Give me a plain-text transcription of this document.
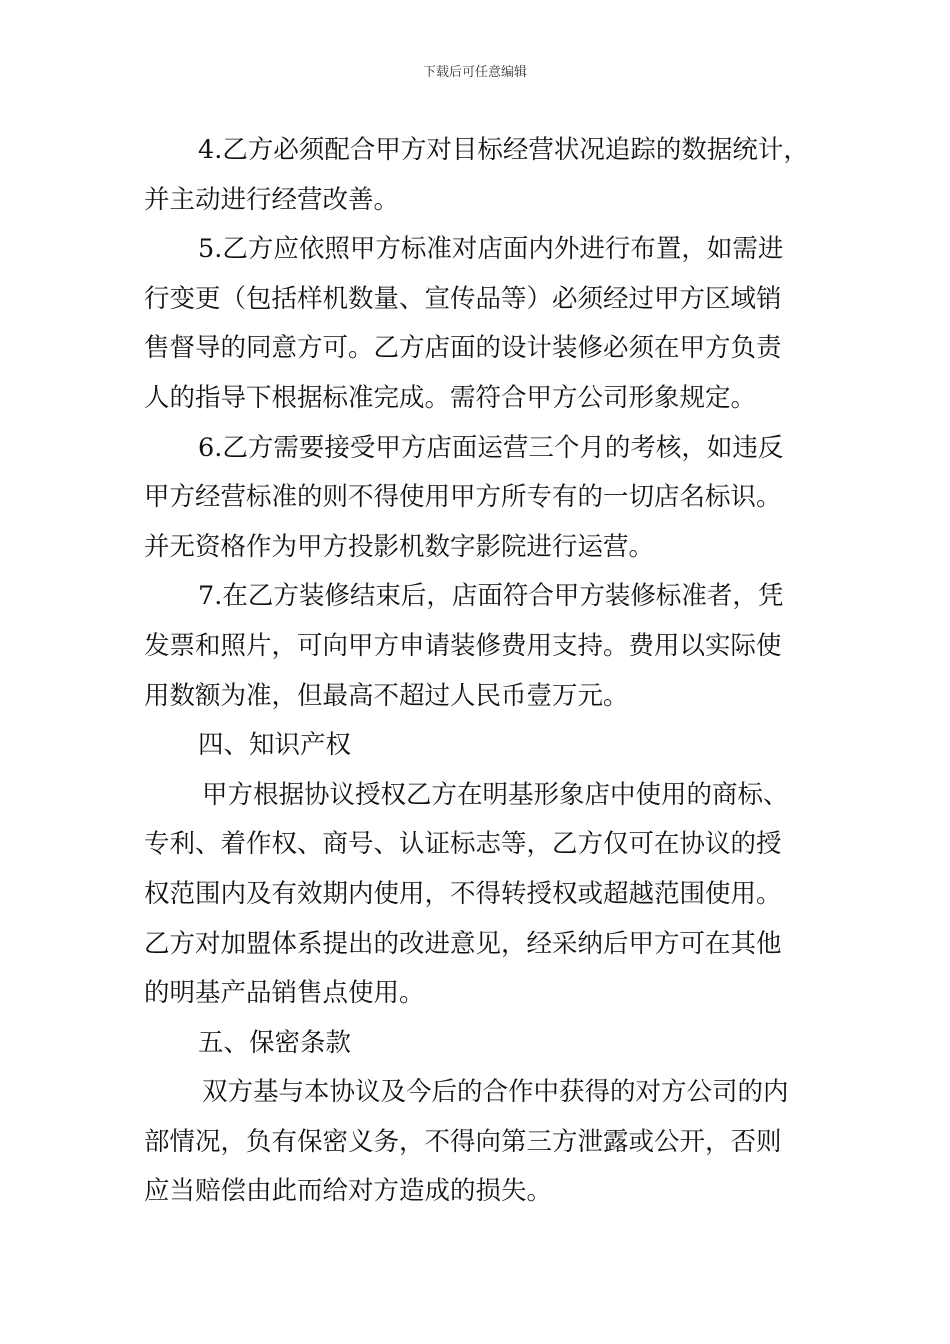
下载后可任意编辑
4.乙方必须配合甲方对目标经营状况追踪的数据统计，
并主动进行经营改善。
5.乙方应依照甲方标准对店面内外进行布置，如需进
行变更（包括样机数量、宣传品等）必须经过甲方区域销
售督导的同意方可。乙方店面的设计装修必须在甲方负责
人的指导下根据标准完成。需符合甲方公司形象规定。
6.乙方需要接受甲方店面运营三个月的考核，如违反
甲方经营标准的则不得使用甲方所专有的一切店名标识。
并无资格作为甲方投影机数字影院进行运营。
7.在乙方装修结束后，店面符合甲方装修标准者，凭
发票和照片，可向甲方申请装修费用支持。费用以实际使
用数额为准，但最高不超过人民币壹万元。
四、知识产权
甲方根据协议授权乙方在明基形象店中使用的商标、
专利、着作权、商号、认证标志等，乙方仅可在协议的授
权范围内及有效期内使用，不得转授权或超越范围使用。
乙方对加盟体系提出的改进意见，经采纳后甲方可在其他
的明基产品销售点使用。
五、保密条款
双方基与本协议及今后的合作中获得的对方公司的内
部情况，负有保密义务，不得向第三方泄露或公开，否则
应当赔偿由此而给对方造成的损失。
